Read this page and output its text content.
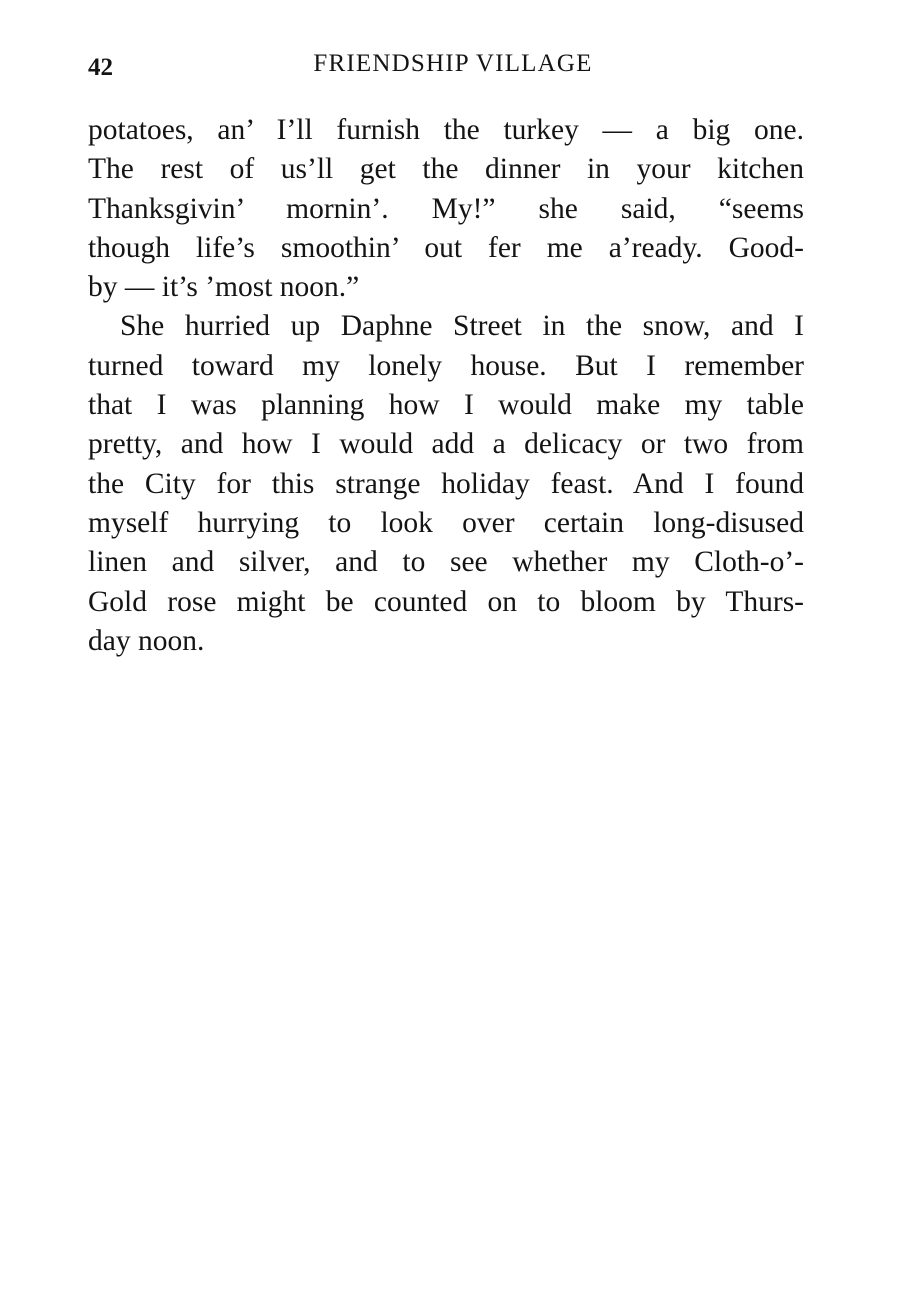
42	FRIENDSHIP VILLAGE
potatoes, an’ I’ll furnish the turkey — a big one.
The rest of us’ll get the dinner in your kitchen
Thanksgivin’ mornin’. My!” she said, “seems
though life’s smoothin’ out fer me a’ready. Good-
by — it’s ’most noon.”
She hurried up Daphne Street in the snow, and I
turned toward my lonely house. But I remember
that I was planning how I would make my table
pretty, and how I would add a delicacy or two from
the City for this strange holiday feast. And I found
myself hurrying to look over certain long-disused
linen and silver, and to see whether my Cloth-o’-
Gold rose might be counted on to bloom by Thurs-
day noon.
